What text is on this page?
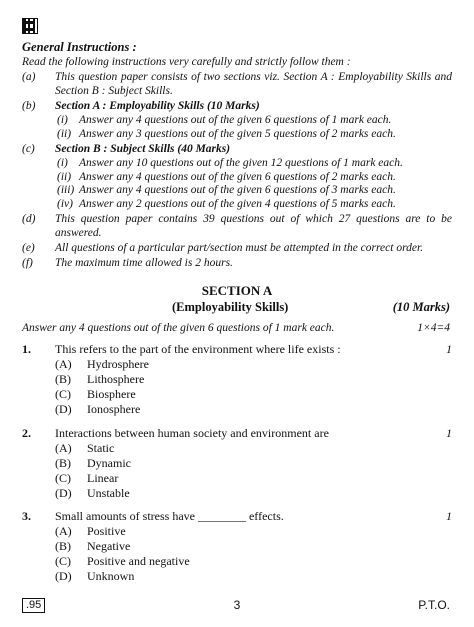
General Instructions :
Read the following instructions very carefully and strictly follow them :
(a)	This question paper consists of two sections viz. Section A : Employability Skills and Section B : Subject Skills.
(b)	Section A : Employability Skills (10 Marks)
(i) Answer any 4 questions out of the given 6 questions of 1 mark each.
(ii) Answer any 3 questions out of the given 5 questions of 2 marks each.
(c)	Section B : Subject Skills (40 Marks)
(i) Answer any 10 questions out of the given 12 questions of 1 mark each.
(ii) Answer any 4 questions out of the given 6 questions of 2 marks each.
(iii) Answer any 4 questions out of the given 6 questions of 3 marks each.
(iv) Answer any 2 questions out of the given 4 questions of 5 marks each.
(d)	This question paper contains 39 questions out of which 27 questions are to be answered.
(e)	All questions of a particular part/section must be attempted in the correct order.
(f)	The maximum time allowed is 2 hours.
SECTION A
(Employability Skills)	(10 Marks)
Answer any 4 questions out of the given 6 questions of 1 mark each.	1×4=4
1.	This refers to the part of the environment where life exists :	1
(A)	Hydrosphere
(B)	Lithosphere
(C)	Biosphere
(D)	Ionosphere
2.	Interactions between human society and environment are	1
(A)	Static
(B)	Dynamic
(C)	Linear
(D)	Unstable
3.	Small amounts of stress have ________ effects.	1
(A)	Positive
(B)	Negative
(C)	Positive and negative
(D)	Unknown
.95	3	P.T.O.
